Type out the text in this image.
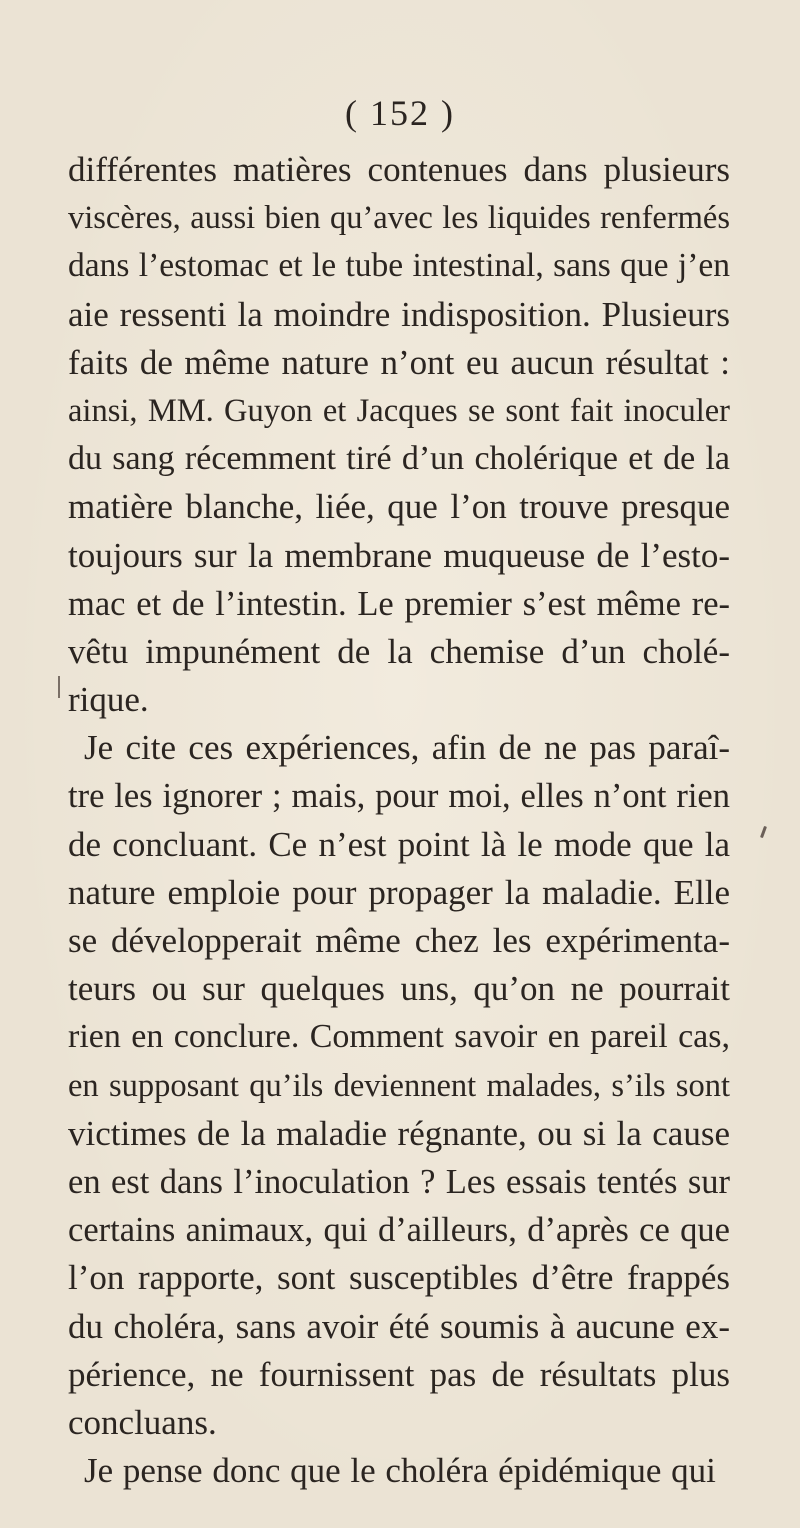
( 152 )
différentes matières contenues dans plusieurs
viscères, aussi bien qu’avec les liquides renfermés
dans l’estomac et le tube intestinal, sans que j’en
aie ressenti la moindre indisposition. Plusieurs
faits de même nature n’ont eu aucun résultat :
ainsi, MM. Guyon et Jacques se sont fait inoculer
du sang récemment tiré d’un cholérique et de la
matière blanche, liée, que l’on trouve presque
toujours sur la membrane muqueuse de l’esto-
mac et de l’intestin. Le premier s’est même re-
vêtu impunément de la chemise d’un cholé-
rique.
Je cite ces expériences, afin de ne pas paraî-
tre les ignorer ; mais, pour moi, elles n’ont rien
de concluant. Ce n’est point là le mode que la
nature emploie pour propager la maladie. Elle
se développerait même chez les expérimenta-
teurs ou sur quelques uns, qu’on ne pourrait
rien en conclure. Comment savoir en pareil cas,
en supposant qu’ils deviennent malades, s’ils sont
victimes de la maladie régnante, ou si la cause
en est dans l’inoculation ? Les essais tentés sur
certains animaux, qui d’ailleurs, d’après ce que
l’on rapporte, sont susceptibles d’être frappés
du choléra, sans avoir été soumis à aucune ex-
périence, ne fournissent pas de résultats plus
concluans.
Je pense donc que le choléra épidémique qui
